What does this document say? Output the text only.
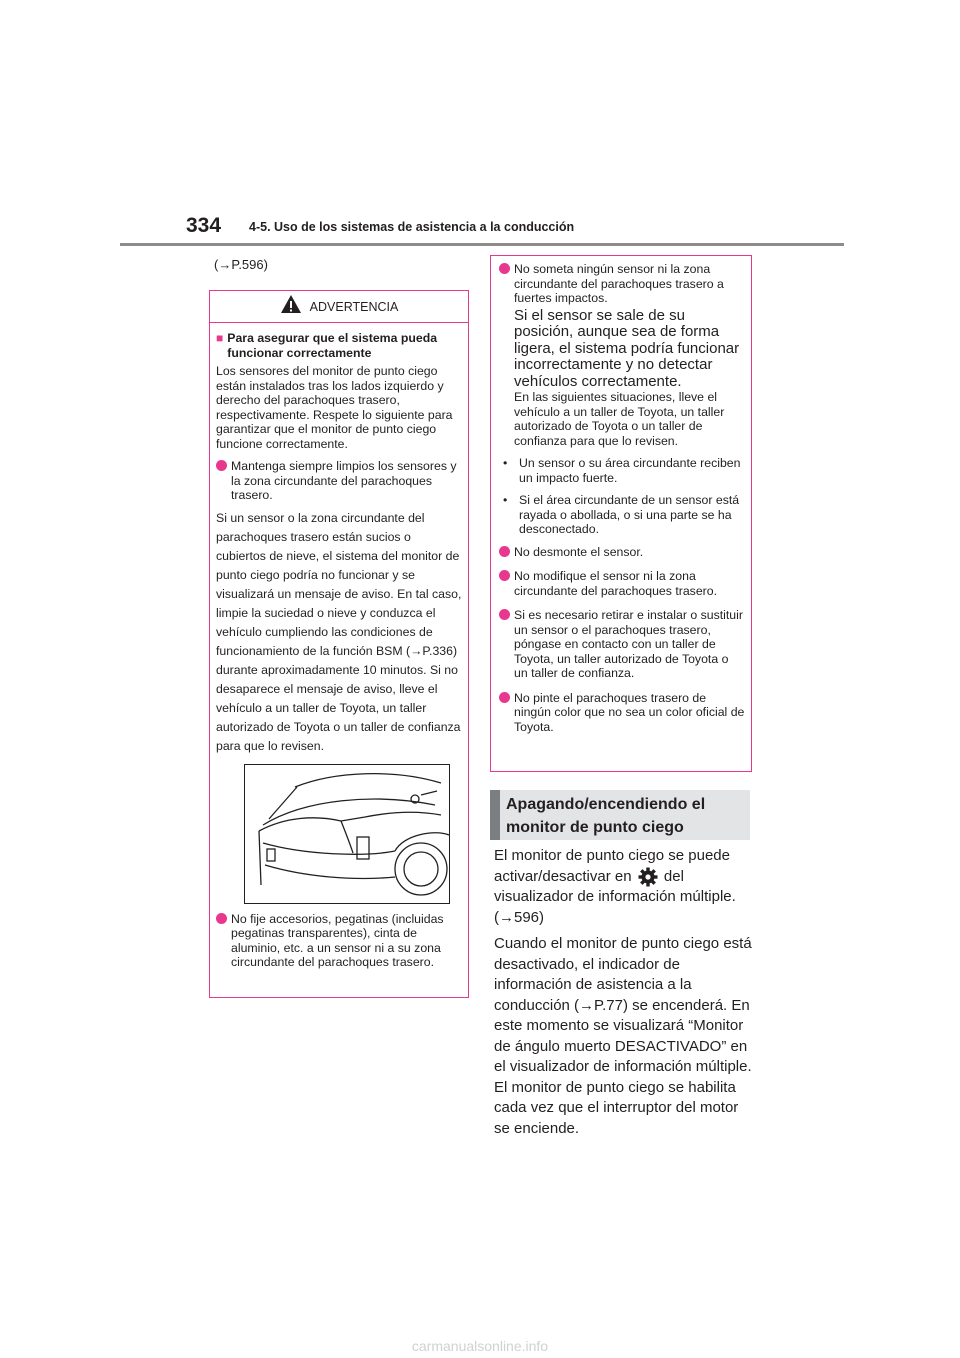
334 4-5. Uso de los sistemas de asistencia a la conducción
(→P.596)
ADVERTENCIA
■ Para asegurar que el sistema pueda funcionar correctamente
Los sensores del monitor de punto ciego están instalados tras los lados izquierdo y derecho del parachoques trasero, respectivamente. Respete lo siguiente para garantizar que el monitor de punto ciego funcione correctamente.
Mantenga siempre limpios los sensores y la zona circundante del parachoques trasero.
Si un sensor o la zona circundante del parachoques trasero están sucios o cubiertos de nieve, el sistema del monitor de punto ciego podría no funcionar y se visualizará un mensaje de aviso. En tal caso, limpie la suciedad o nieve y conduzca el vehículo cumpliendo las condiciones de funcionamiento de la función BSM (→P.336) durante aproximadamente 10 minutos. Si no desaparece el mensaje de aviso, lleve el vehículo a un taller de Toyota, un taller autorizado de Toyota o un taller de confianza para que lo revisen.
No fije accesorios, pegatinas (incluidas pegatinas transparentes), cinta de aluminio, etc. a un sensor ni a su zona circundante del parachoques trasero.
No someta ningún sensor ni la zona circundante del parachoques trasero a fuertes impactos.
Si el sensor se sale de su posición, aunque sea de forma ligera, el sistema podría funcionar incorrectamente y no detectar vehículos correctamente.
En las siguientes situaciones, lleve el vehículo a un taller de Toyota, un taller autorizado de Toyota o un taller de confianza para que lo revisen.
• Un sensor o su área circundante reciben un impacto fuerte.
• Si el área circundante de un sensor está rayada o abollada, o si una parte se ha desconectado.
No desmonte el sensor.
No modifique el sensor ni la zona circundante del parachoques trasero.
Si es necesario retirar e instalar o sustituir un sensor o el parachoques trasero, póngase en contacto con un taller de Toyota, un taller autorizado de Toyota o un taller de confianza.
No pinte el parachoques trasero de ningún color que no sea un color oficial de Toyota.
Apagando/encendiendo el
monitor de punto ciego
El monitor de punto ciego se puede activar/desactivar en del visualizador de información múltiple. (→596)
Cuando el monitor de punto ciego está desactivado, el indicador de información de asistencia a la conducción (→P.77) se encenderá. En este momento se visualizará “Monitor de ángulo muerto DESACTIVADO” en el visualizador de información múltiple. El monitor de punto ciego se habilita cada vez que el interruptor del motor se enciende.
carmanualsonline.info
